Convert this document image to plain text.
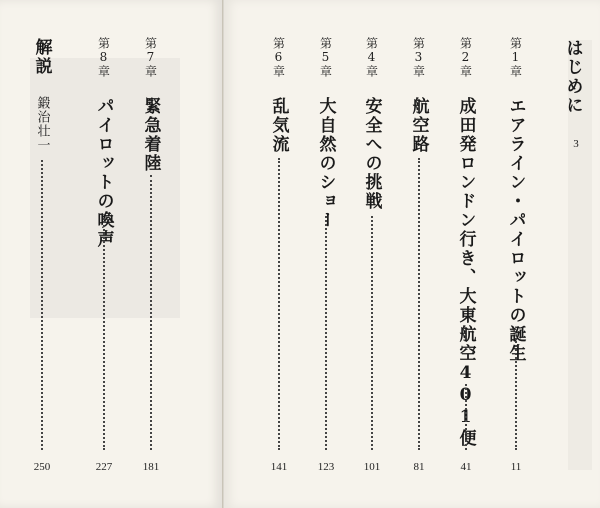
はじめに
3
第1章
エアライン・パイロットの誕生
11
第2章
成田発ロンドン行き、大東航空401便
41
第3章
航空路
81
第4章
安全への挑戦
101
第5章
大自然のショー
123
第6章
乱気流
141
第7章
緊急着陸
181
第8章
パイロットの喚声
227
解説
鍛治壮一
250
